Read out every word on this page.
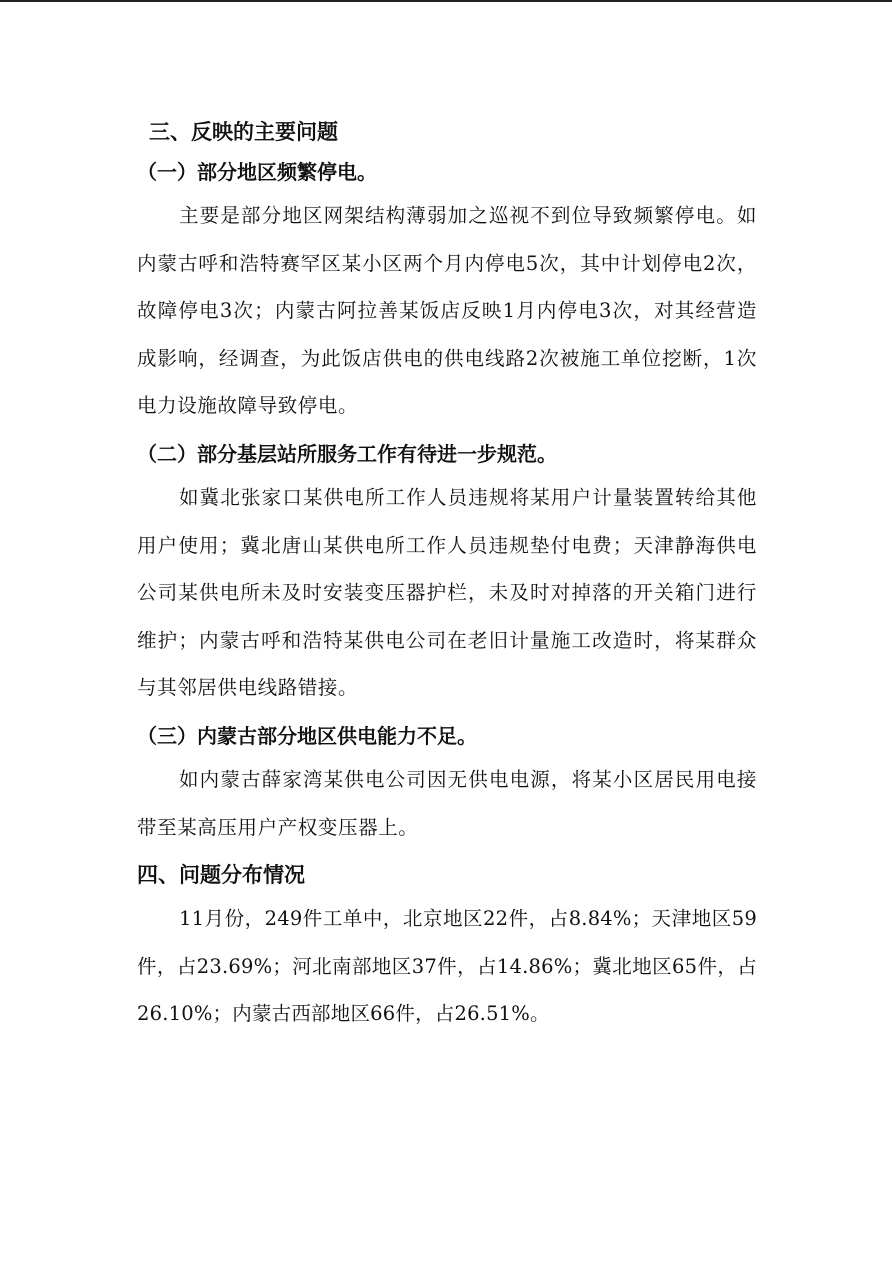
三、反映的主要问题
（一）部分地区频繁停电。

主要是部分地区网架结构薄弱加之巡视不到位导致频繁停电。如内蒙古呼和浩特赛罕区某小区两个月内停电5次，其中计划停电2次，故障停电3次；内蒙古阿拉善某饭店反映1月内停电3次，对其经营造成影响，经调查，为此饭店供电的供电线路2次被施工单位挖断，1次电力设施故障导致停电。

（二）部分基层站所服务工作有待进一步规范。

如冀北张家口某供电所工作人员违规将某用户计量装置转给其他用户使用；冀北唐山某供电所工作人员违规垫付电费；天津静海供电公司某供电所未及时安装变压器护栏，未及时对掉落的开关箱门进行维护；内蒙古呼和浩特某供电公司在老旧计量施工改造时，将某群众与其邻居供电线路错接。

（三）内蒙古部分地区供电能力不足。

如内蒙古薛家湾某供电公司因无供电电源，将某小区居民用电接带至某高压用户产权变压器上。

四、问题分布情况

11月份，249件工单中，北京地区22件，占8.84%；天津地区59件，占23.69%；河北南部地区37件，占14.86%；冀北地区65件，占26.10%；内蒙古西部地区66件，占26.51%。
